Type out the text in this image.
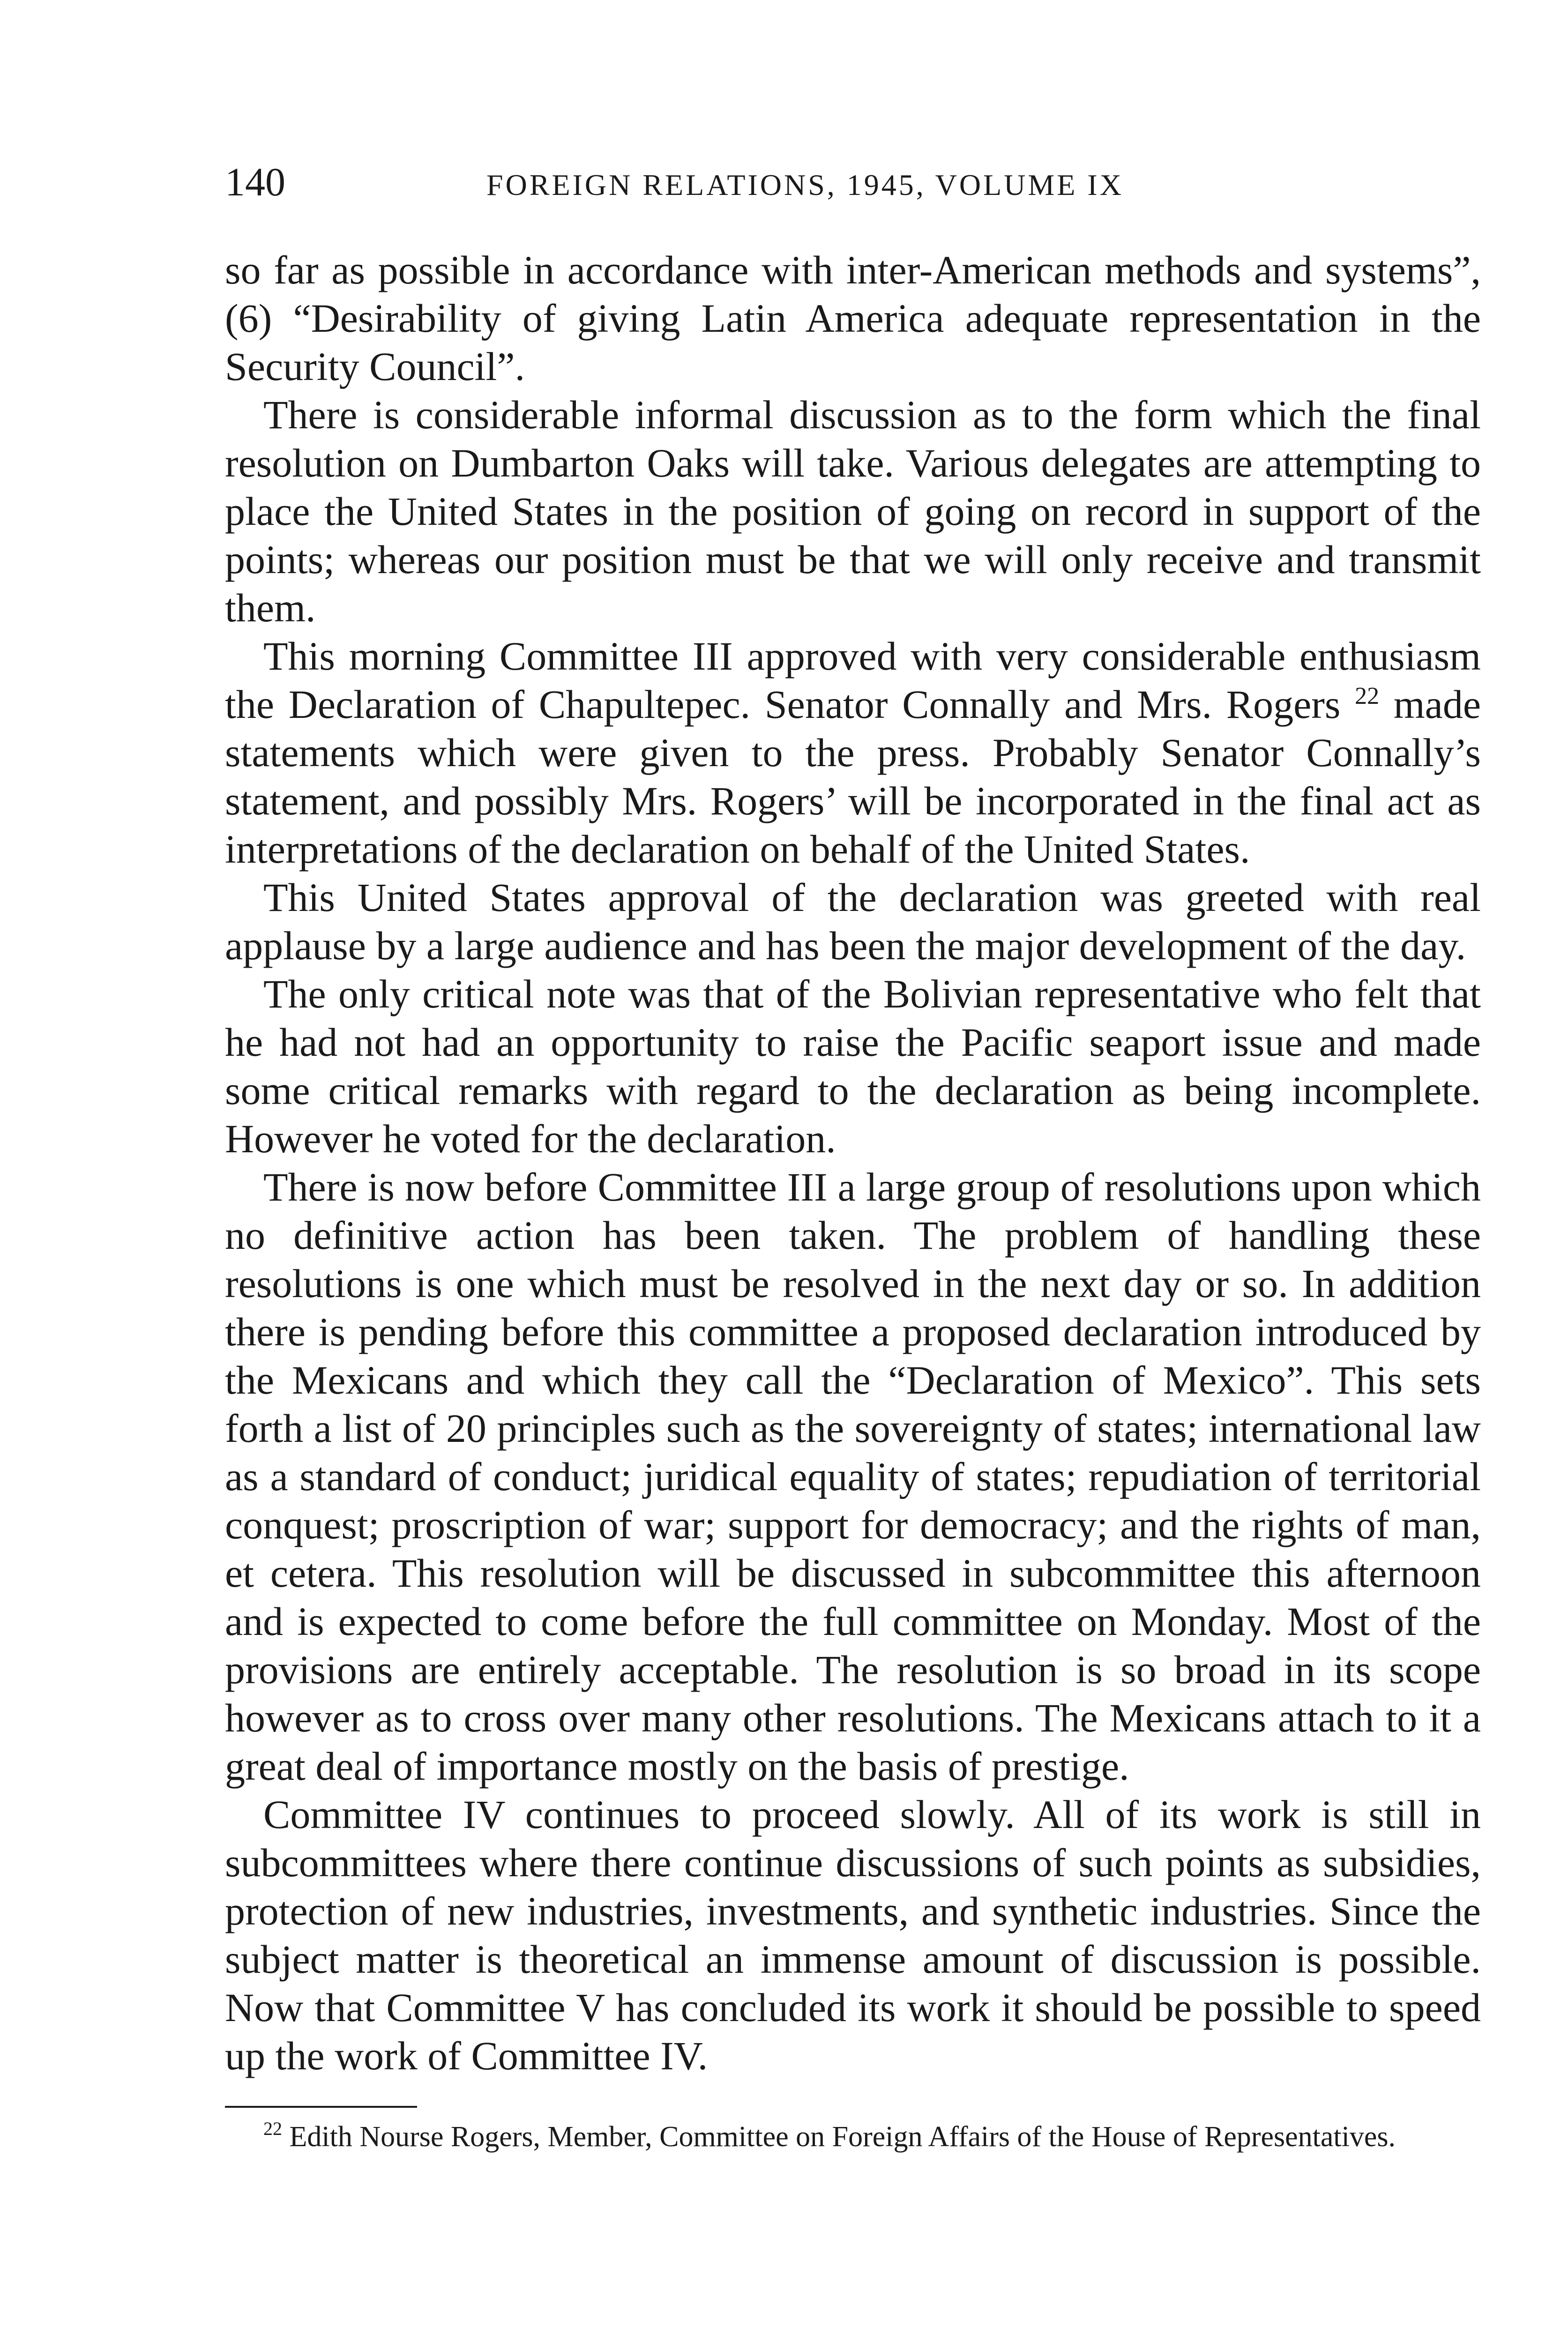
140	FOREIGN RELATIONS, 1945, VOLUME IX

so far as possible in accordance with inter-American methods and systems”, (6) “Desirability of giving Latin America adequate representation in the Security Council”.

There is considerable informal discussion as to the form which the final resolution on Dumbarton Oaks will take. Various delegates are attempting to place the United States in the position of going on record in support of the points; whereas our position must be that we will only receive and transmit them.

This morning Committee III approved with very considerable enthusiasm the Declaration of Chapultepec. Senator Connally and Mrs. Rogers $^{22}$ made statements which were given to the press. Probably Senator Connally’s statement, and possibly Mrs. Rogers’ will be incorporated in the final act as interpretations of the declaration on behalf of the United States.

This United States approval of the declaration was greeted with real applause by a large audience and has been the major development of the day.

The only critical note was that of the Bolivian representative who felt that he had not had an opportunity to raise the Pacific seaport issue and made some critical remarks with regard to the declaration as being incomplete. However he voted for the declaration.

There is now before Committee III a large group of resolutions upon which no definitive action has been taken. The problem of handling these resolutions is one which must be resolved in the next day or so. In addition there is pending before this committee a proposed declaration introduced by the Mexicans and which they call the “Declaration of Mexico”. This sets forth a list of 20 principles such as the sovereignty of states; international law as a standard of conduct; juridical equality of states; repudiation of territorial conquest; proscription of war; support for democracy; and the rights of man, et cetera. This resolution will be discussed in subcommittee this afternoon and is expected to come before the full committee on Monday. Most of the provisions are entirely acceptable. The resolution is so broad in its scope however as to cross over many other resolutions. The Mexicans attach to it a great deal of importance mostly on the basis of prestige.

Committee IV continues to proceed slowly. All of its work is still in subcommittees where there continue discussions of such points as subsidies, protection of new industries, investments, and synthetic industries. Since the subject matter is theoretical an immense amount of discussion is possible. Now that Committee V has concluded its work it should be possible to speed up the work of Committee IV.

$^{22}$ Edith Nourse Rogers, Member, Committee on Foreign Affairs of the House of Representatives.
